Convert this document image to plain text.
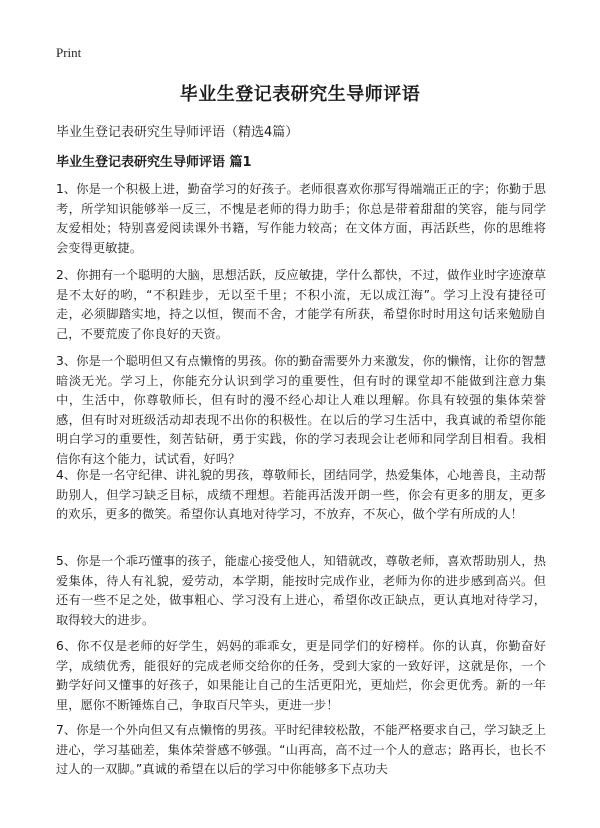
Print
毕业生登记表研究生导师评语
毕业生登记表研究生导师评语（精选4篇）
毕业生登记表研究生导师评语 篇1

1、你是一个积极上进，勤奋学习的好孩子。老师很喜欢你那写得端端正正的字；你勤于思考，所学知识能够举一反三，不愧是老师的得力助手；你总是带着甜甜的笑容，能与同学友爱相处；特别喜爱阅读课外书籍，写作能力较高；在文体方面，再活跃些，你的思维将会变得更敏捷。

2、你拥有一个聪明的大脑，思想活跃，反应敏捷，学什么都快，不过，做作业时字迹潦草是不太好的哟，“不积跬步，无以至千里；不积小流，无以成江海”。学习上没有捷径可走，必须脚踏实地，持之以恒，锲而不舍，才能学有所获，希望你时时用这句话来勉励自己，不要荒废了你良好的天资。

3、你是一个聪明但又有点懒惰的男孩。你的勤奋需要外力来激发，你的懒惰，让你的智慧暗淡无光。学习上，你能充分认识到学习的重要性，但有时的课堂却不能做到注意力集中，生活中，你尊敬师长，但有时的漫不经心却让人难以理解。你具有较强的集体荣誉感，但有时对班级活动却表现不出你的积极性。在以后的学习生活中，我真诚的希望你能明白学习的重要性，刻苦钻研，勇于实践，你的学习表现会让老师和同学刮目相看。我相信你有这个能力，试试看，好吗？

4、你是一名守纪律、讲礼貌的男孩，尊敬师长，团结同学，热爱集体，心地善良，主动帮助别人，但学习缺乏目标，成绩不理想。若能再活泼开朗一些，你会有更多的朋友，更多的欢乐，更多的微笑。希望你认真地对待学习，不放弃，不灰心，做个学有所成的人！

5、你是一个乖巧懂事的孩子，能虚心接受他人，知错就改，尊敬老师，喜欢帮助别人，热爱集体，待人有礼貌，爱劳动，本学期，能按时完成作业，老师为你的进步感到高兴。但还有一些不足之处，做事粗心、学习没有上进心，希望你改正缺点，更认真地对待学习，取得较大的进步。

6、你不仅是老师的好学生，妈妈的乖乖女，更是同学们的好榜样。你的认真，你勤奋好学，成绩优秀，能很好的完成老师交给你的任务，受到大家的一致好评，这就是你，一个勤学好问又懂事的好孩子，如果能让自己的生活更阳光，更灿烂，你会更优秀。新的一年里，愿你不断锤炼自己，争取百尺竿头，更进一步！

7、你是一个外向但又有点懒惰的男孩。平时纪律较松散，不能严格要求自己，学习缺乏上进心，学习基础差，集体荣誉感不够强。“山再高，高不过一个人的意志；路再长，也长不过人的一双脚。”真诚的希望在以后的学习中你能够多下点功夫
